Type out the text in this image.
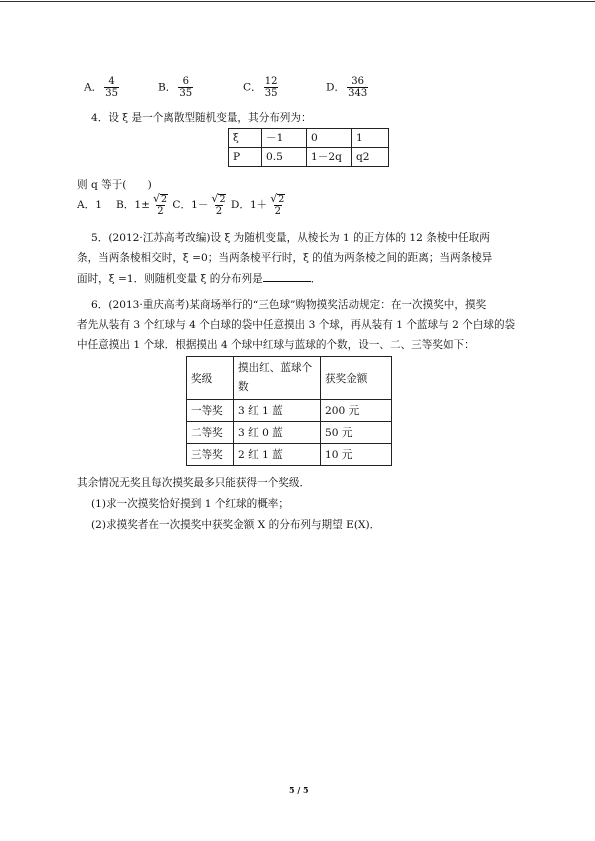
A． $\frac{4}{35}$	B． $\frac{6}{35}$	C． $\frac{12}{35}$	D． $\frac{36}{343}$
4．设 ξ 是一个离散型随机变量，其分布列为：
ξ	－1	0	1
P	0.5	1－2q	q2
则 q 等于(　　)
A．1　 B．$1\pm \frac{√ 2}{2}$ C．$1- \frac{√ 2}{2}$ D．$1+ \frac{√ 2}{2}$
5．(2012·江苏高考改编)设 ξ 为随机变量，从棱长为 1 的正方体的 12 条棱中任取两
条，当两条棱相交时，ξ =0；当两条棱平行时，ξ 的值为两条棱之间的距离；当两条棱异
面时，ξ =1．则随机变量 ξ 的分布列是	．
6．(2013·重庆高考)某商场举行的“三色球”购物摸奖活动规定：在一次摸奖中，摸奖
者先从装有 3 个红球与 4 个白球的袋中任意摸出 3 个球，再从装有 1 个蓝球与 2 个白球的袋
中任意摸出 1 个球．根据摸出 4 个球中红球与蓝球的个数，设一、二、三等奖如下：
奖级	摸出红、蓝球个数	获奖金额
一等奖	3 红 1 蓝	200 元
二等奖	3 红 0 蓝	50 元
三等奖	2 红 1 蓝	10 元
其余情况无奖且每次摸奖最多只能获得一个奖级．
(1)求一次摸奖恰好摸到 1 个红球的概率；
(2)求摸奖者在一次摸奖中获奖金额 X 的分布列与期望 E(X)．
5 / 5
